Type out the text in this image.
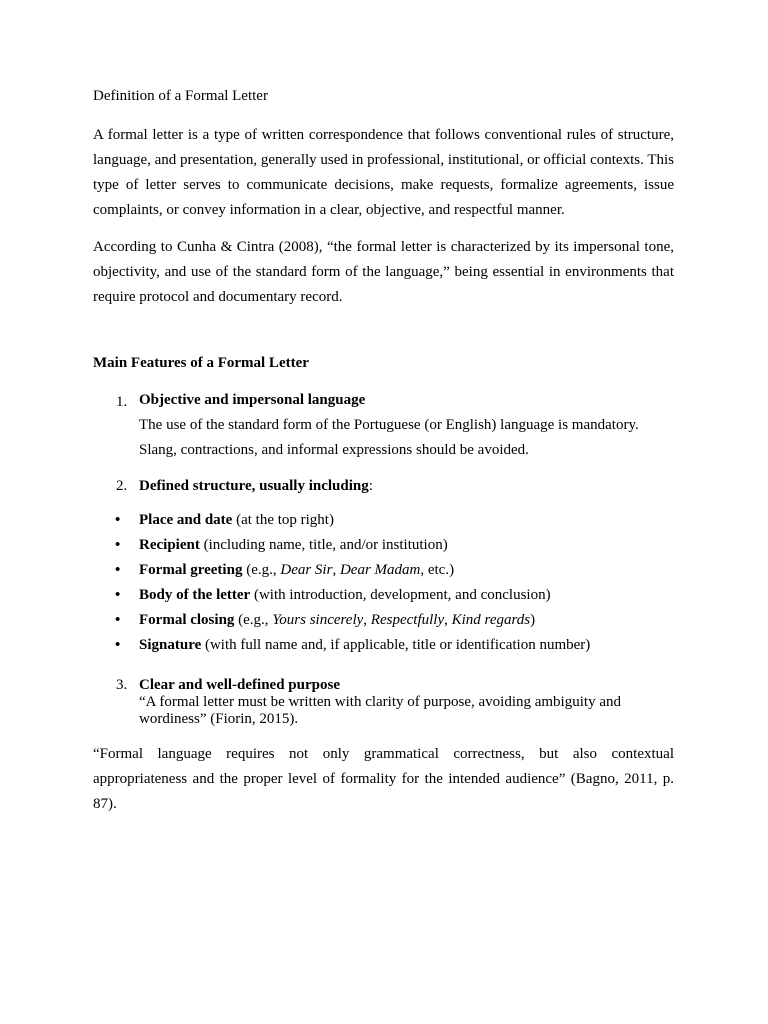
Definition of a Formal Letter

A formal letter is a type of written correspondence that follows conventional rules of structure, language, and presentation, generally used in professional, institutional, or official contexts. This type of letter serves to communicate decisions, make requests, formalize agreements, issue complaints, or convey information in a clear, objective, and respectful manner.

According to Cunha & Cintra (2008), “the formal letter is characterized by its impersonal tone, objectivity, and use of the standard form of the language,” being essential in environments that require protocol and documentary record.

Main Features of a Formal Letter
1. Objective and impersonal language
The use of the standard form of the Portuguese (or English) language is mandatory. Slang, contractions, and informal expressions should be avoided.
2. Defined structure, usually including:
• Place and date (at the top right)
• Recipient (including name, title, and/or institution)
• Formal greeting (e.g., Dear Sir, Dear Madam, etc.)
• Body of the letter (with introduction, development, and conclusion)
• Formal closing (e.g., Yours sincerely, Respectfully, Kind regards)
• Signature (with full name and, if applicable, title or identification number)
3. Clear and well-defined purpose
“A formal letter must be written with clarity of purpose, avoiding ambiguity and wordiness” (Fiorin, 2015).

“Formal language requires not only grammatical correctness, but also contextual appropriateness and the proper level of formality for the intended audience” (Bagno, 2011, p. 87).
